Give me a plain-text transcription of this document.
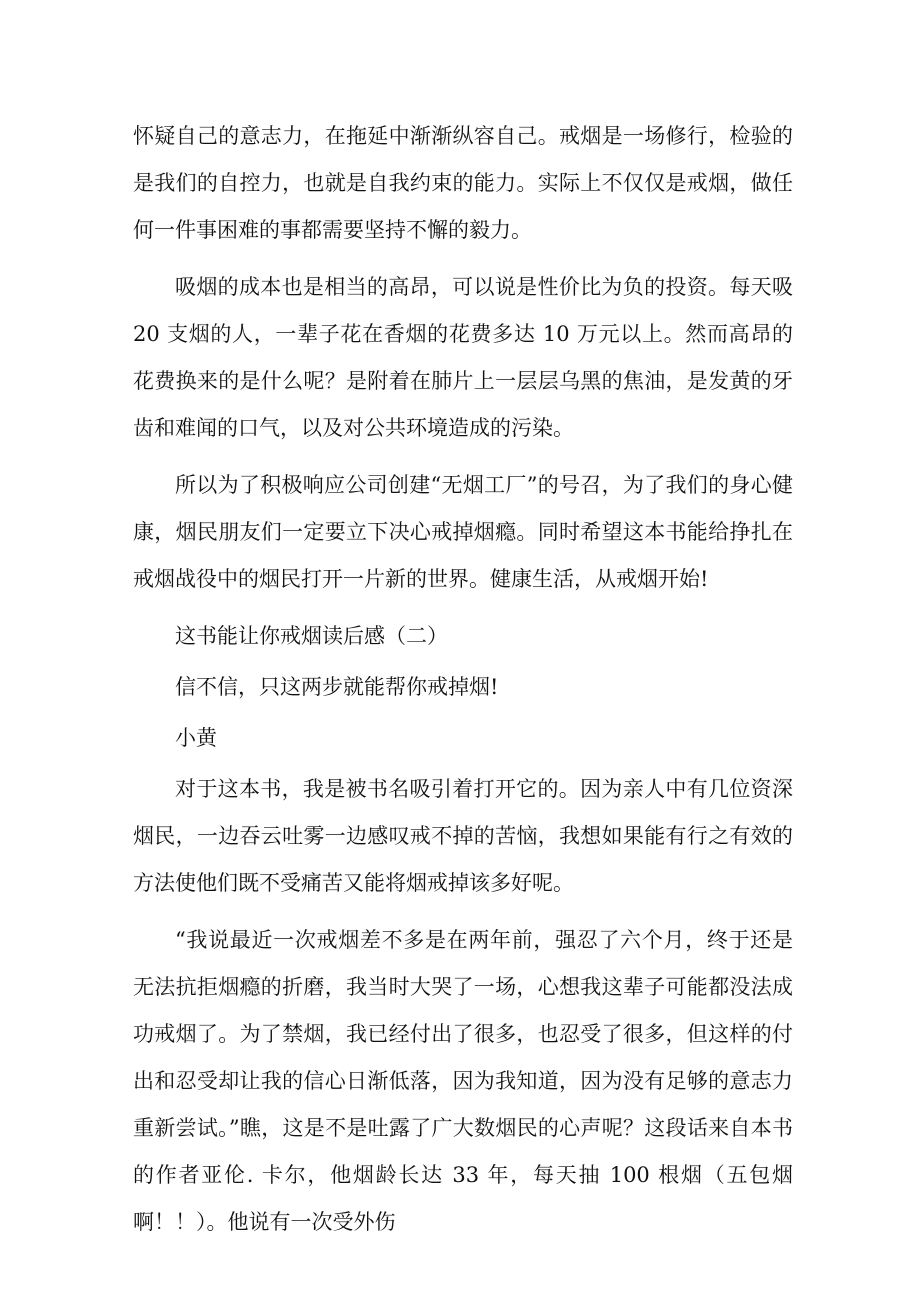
怀疑自己的意志力，在拖延中渐渐纵容自己。戒烟是一场修行，检验的是我们的自控力，也就是自我约束的能力。实际上不仅仅是戒烟，做任何一件事困难的事都需要坚持不懈的毅力。

吸烟的成本也是相当的高昂，可以说是性价比为负的投资。每天吸 20 支烟的人，一辈子花在香烟的花费多达 10 万元以上。然而高昂的花费换来的是什么呢？是附着在肺片上一层层乌黑的焦油，是发黄的牙齿和难闻的口气，以及对公共环境造成的污染。

所以为了积极响应公司创建“无烟工厂”的号召，为了我们的身心健康，烟民朋友们一定要立下决心戒掉烟瘾。同时希望这本书能给挣扎在戒烟战役中的烟民打开一片新的世界。健康生活，从戒烟开始!

这书能让你戒烟读后感（二）

信不信，只这两步就能帮你戒掉烟!

小黄

对于这本书，我是被书名吸引着打开它的。因为亲人中有几位资深烟民，一边吞云吐雾一边感叹戒不掉的苦恼，我想如果能有行之有效的方法使他们既不受痛苦又能将烟戒掉该多好呢。

“我说最近一次戒烟差不多是在两年前，强忍了六个月，终于还是无法抗拒烟瘾的折磨，我当时大哭了一场，心想我这辈子可能都没法成功戒烟了。为了禁烟，我已经付出了很多，也忍受了很多，但这样的付出和忍受却让我的信心日渐低落，因为我知道，因为没有足够的意志力重新尝试。”瞧，这是不是吐露了广大数烟民的心声呢？这段话来自本书的作者亚伦. 卡尔，他烟龄长达 33 年，每天抽 100 根烟（五包烟啊！！）。他说有一次受外伤
